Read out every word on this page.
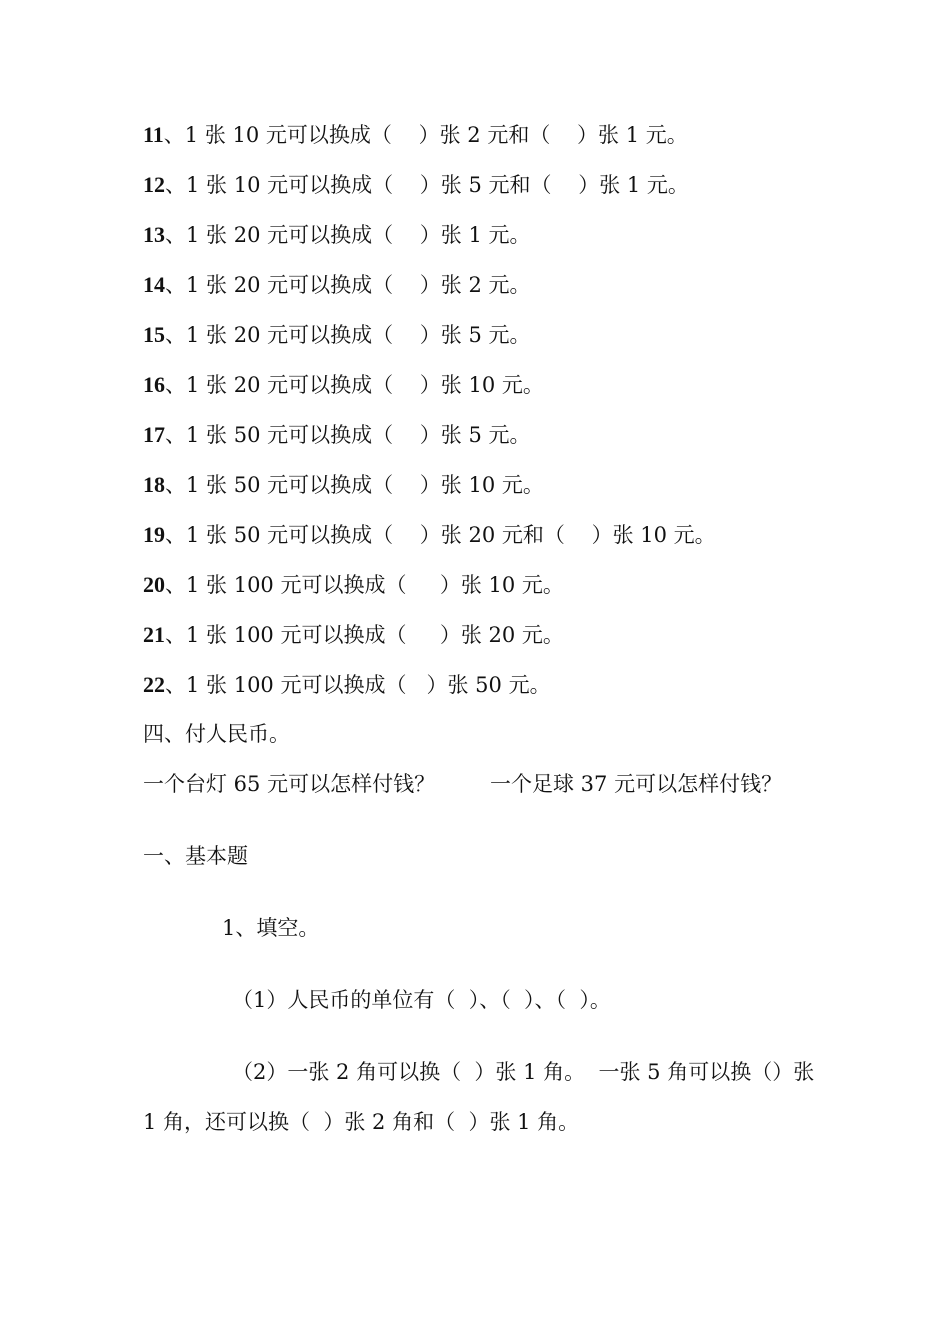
11、1 张 10 元可以换成（    ）张 2 元和（    ）张 1 元。
12、1 张 10 元可以换成（    ）张 5 元和（    ）张 1 元。
13、1 张 20 元可以换成（    ）张 1 元。
14、1 张 20 元可以换成（    ）张 2 元。
15、1 张 20 元可以换成（    ）张 5 元。
16、1 张 20 元可以换成（    ）张 10 元。
17、1 张 50 元可以换成（    ）张 5 元。
18、1 张 50 元可以换成（    ）张 10 元。
19、1 张 50 元可以换成（    ）张 20 元和（    ）张 10 元。
20、1 张 100 元可以换成（     ）张 10 元。
21、1 张 100 元可以换成（     ）张 20 元。
22、1 张 100 元可以换成（   ）张 50 元。
四、付人民币。
一个台灯 65 元可以怎样付钱？	一个足球 37 元可以怎样付钱？
一、基本题
1、填空。
（1）人民币的单位有（  ）、（  ）、（  ）。
（2）一张 2 角可以换（  ）张 1 角。  一张 5 角可以换（）张
1 角，还可以换（  ）张 2 角和（  ）张 1 角。
